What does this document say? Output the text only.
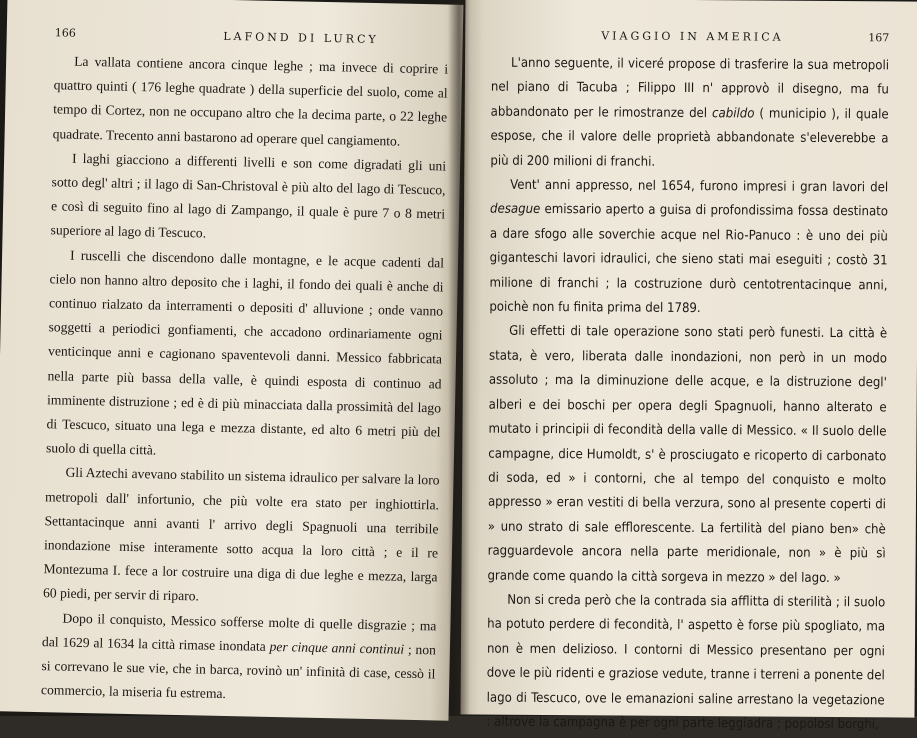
166	LAFOND DI LURCY

La vallata contiene ancora cinque leghe ; ma invece di coprire i quattro quinti ( 176 leghe quadrate ) della superficie del suolo, come al tempo di Cortez, non ne occupano altro che la decima parte, o 22 leghe quadrate. Trecento anni bastarono ad operare quel cangiamento.

I laghi giacciono a differenti livelli e son come digradati gli uni sotto degl' altri ; il lago di San-Christoval è più alto del lago di Tescuco, e così di seguito fino al lago di Zampango, il quale è pure 7 o 8 metri superiore al lago di Tescuco.

I ruscelli che discendono dalle montagne, e le acque cadenti dal cielo non hanno altro deposito che i laghi, il fondo dei quali è anche di continuo rialzato da interramenti o depositi d' alluvione ; onde vanno soggetti a periodici gonfiamenti, che accadono ordinariamente ogni venticinque anni e cagionano spaventevoli danni. Messico fabbricata nella parte più bassa della valle, è quindi esposta di continuo ad imminente distruzione ; ed è di più minacciata dalla prossimità del lago di Tescuco, situato una lega e mezza distante, ed alto 6 metri più del suolo di quella città.

Gli Aztechi avevano stabilito un sistema idraulico per salvare la loro metropoli dall' infortunio, che più volte era stato per inghiottirla. Settantacinque anni avanti l' arrivo degli Spagnuoli una terribile inondazione mise interamente sotto acqua la loro città ; e il re Montezuma I. fece a lor costruire una diga di due leghe e mezza, larga 60 piedi, per servir di riparo.

Dopo il conquisto, Messico sofferse molte di quelle disgrazie ; ma dal 1629 al 1634 la città rimase inondata per cinque anni continui ; non si correvano le sue vie, che in barca, rovinò un' infinità di case, cessò il commercio, la miseria fu estrema.

VIAGGIO IN AMERICA	167

L'anno seguente, il viceré propose di trasferire la sua metropoli nel piano di Tacuba ; Filippo III n' approvò il disegno, ma fu abbandonato per le rimostranze del cabildo ( municipio ), il quale espose, che il valore delle proprietà abbandonate s'eleverebbe a più di 200 milioni di franchi.

Vent' anni appresso, nel 1654, furono impresi i gran lavori del desague emissario aperto a guisa di profondissima fossa destinato a dare sfogo alle soverchie acque nel Rio-Panuco : è uno dei più giganteschi lavori idraulici, che sieno stati mai eseguiti ; costò 31 milione di franchi ; la costruzione durò centotrentacinque anni, poichè non fu finita prima del 1789.

Gli effetti di tale operazione sono stati però funesti. La città è stata, è vero, liberata dalle inondazioni, non però in un modo assoluto ; ma la diminuzione delle acque, e la distruzione degl' alberi e dei boschi per opera degli Spagnuoli, hanno alterato e mutato i principii di fecondità della valle di Messico. « Il suolo delle campagne, dice Humoldt, s' è prosciugato e ricoperto di carbonato di soda, ed » i contorni, che al tempo del conquisto e molto appresso » eran vestiti di bella verzura, sono al presente coperti di » uno strato di sale efflorescente. La fertilità del piano ben» chè ragguardevole ancora nella parte meridionale, non » è più sì grande come quando la città sorgeva in mezzo » del lago. »

Non si creda però che la contrada sia afflitta di sterilità ; il suolo ha potuto perdere di fecondità, l' aspetto è forse più spogliato, ma non è men delizioso. I contorni di Messico presentano per ogni dove le più ridenti e graziose vedute, tranne i terreni a ponente del lago di Tescuco, ove le emanazioni saline arrestano la vegetazione : altrove la campagna è per ogni parte leggiadra ; popolosi borghi,
